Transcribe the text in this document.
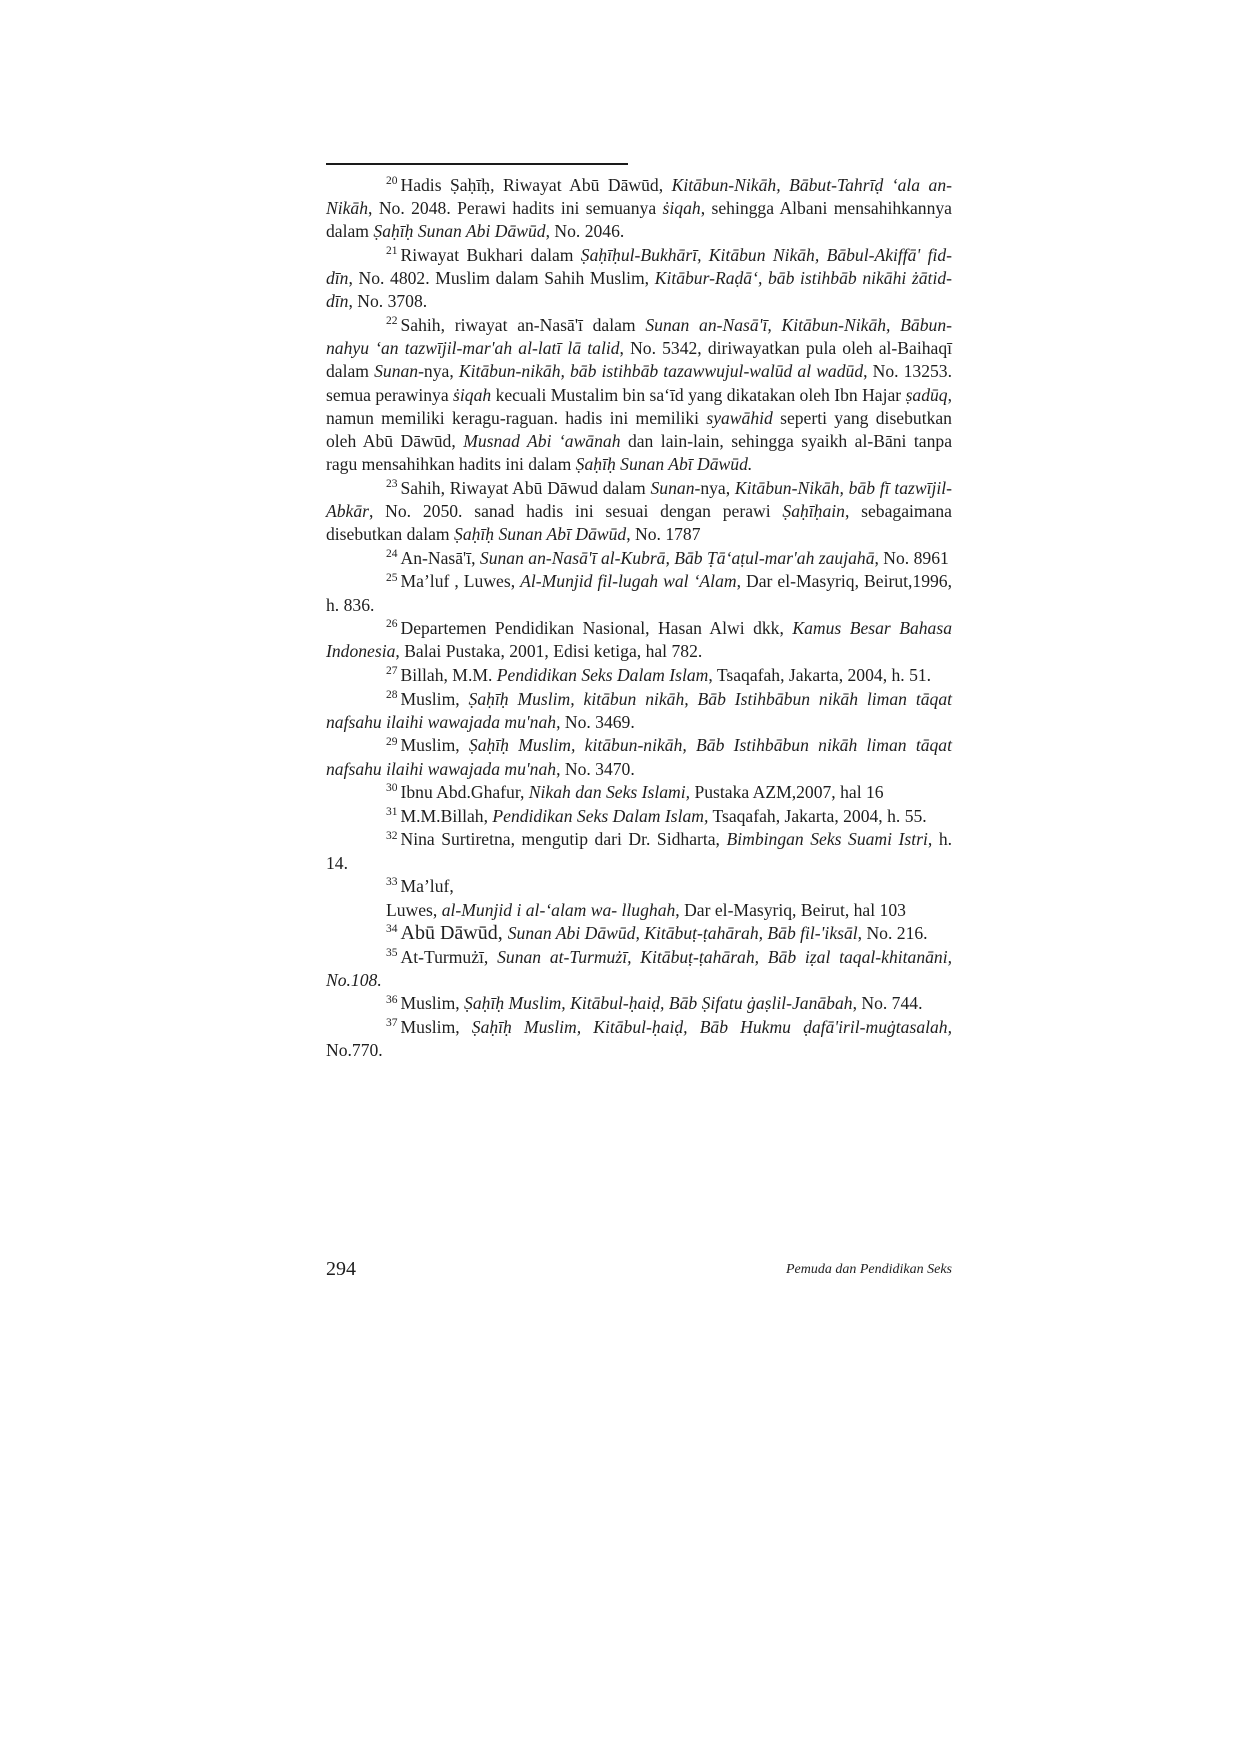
$^{20}$ Hadis Ṣaḥīḥ, Riwayat Abū Dāwūd, Kitābun-Nikāh, Bābut-Tahrīḍ ‘ala an-Nikāh, No. 2048. Perawi hadits ini semuanya ṡiqah, sehingga Albani mensahihkannya dalam Ṣaḥīḥ Sunan Abi Dāwūd, No. 2046.

$^{21}$ Riwayat Bukhari dalam Ṣaḥīḥul-Bukhārī, Kitābun Nikāh, Bābul-Akiffā' fid-dīn, No. 4802. Muslim dalam Sahih Muslim, Kitābur-Raḍā‘, bāb istihbāb nikāhi żātid-dīn, No. 3708.

$^{22}$ Sahih, riwayat an-Nasā'ī dalam Sunan an-Nasā'ī, Kitābun-Nikāh, Bābun-nahyu ‘an tazwījil-mar'ah al-latī lā talid, No. 5342, diriwayatkan pula oleh al-Baihaqī dalam Sunan-nya, Kitābun-nikāh, bāb istihbāb tazawwujul-walūd al wadūd, No. 13253. semua perawinya ṡiqah kecuali Mustalim bin sa‘īd yang dikatakan oleh Ibn Hajar ṣadūq, namun memiliki keragu-raguan. hadis ini memiliki syawāhid seperti yang disebutkan oleh Abū Dāwūd, Musnad Abi ‘awānah dan lain-lain, sehingga syaikh al-Bāni tanpa ragu mensahihkan hadits ini dalam Ṣaḥīḥ Sunan Abī Dāwūd.

$^{23}$ Sahih, Riwayat Abū Dāwud dalam Sunan-nya, Kitābun-Nikāh, bāb fī tazwījil-Abkār, No. 2050. sanad hadis ini sesuai dengan perawi Ṣaḥīḥain, sebagaimana disebutkan dalam Ṣaḥīḥ Sunan Abī Dāwūd, No. 1787

$^{24}$ An-Nasā'ī, Sunan an-Nasā'ī al-Kubrā, Bāb Ṭā‘aṭul-mar'ah zaujahā, No. 8961

$^{25}$ Ma’luf , Luwes, Al-Munjid fil-lugah wal ‘Alam, Dar el-Masyriq, Beirut,1996, h. 836.

$^{26}$ Departemen Pendidikan Nasional, Hasan Alwi dkk, Kamus Besar Bahasa Indonesia, Balai Pustaka, 2001, Edisi ketiga, hal 782.

$^{27}$ Billah, M.M. Pendidikan Seks Dalam Islam, Tsaqafah, Jakarta, 2004, h. 51.

$^{28}$ Muslim, Ṣaḥīḥ Muslim, kitābun nikāh, Bāb Istihbābun nikāh liman tāqat nafsahu ilaihi wawajada mu'nah, No. 3469.

$^{29}$ Muslim, Ṣaḥīḥ Muslim, kitābun-nikāh, Bāb Istihbābun nikāh liman tāqat nafsahu ilaihi wawajada mu'nah, No. 3470.

$^{30}$ Ibnu Abd.Ghafur, Nikah dan Seks Islami, Pustaka AZM,2007, hal 16

$^{31}$ M.M.Billah, Pendidikan Seks Dalam Islam, Tsaqafah, Jakarta, 2004, h. 55.

$^{32}$ Nina Surtiretna, mengutip dari Dr. Sidharta, Bimbingan Seks Suami Istri, h. 14.

$^{33}$ Ma’luf,

Luwes, al-Munjid i al-‘alam wa- llughah, Dar el-Masyriq, Beirut, hal 103

$^{34}$ Abū Dāwūd, Sunan Abi Dāwūd, Kitābuṭ-ṭahārah, Bāb fil-'iksāl, No. 216.

$^{35}$ At-Turmużī, Sunan at-Turmużī, Kitābuṭ-ṭahārah, Bāb iẓal taqal-khitanāni, No.108.

$^{36}$ Muslim, Ṣaḥīḥ Muslim, Kitābul-ḥaiḍ, Bāb Ṣifatu ġaṣlil-Janābah, No. 744.

$^{37}$ Muslim, Ṣaḥīḥ Muslim, Kitābul-ḥaiḍ, Bāb Hukmu ḍafā'iril-muġtasalah, No.770.

294	Pemuda dan Pendidikan Seks
